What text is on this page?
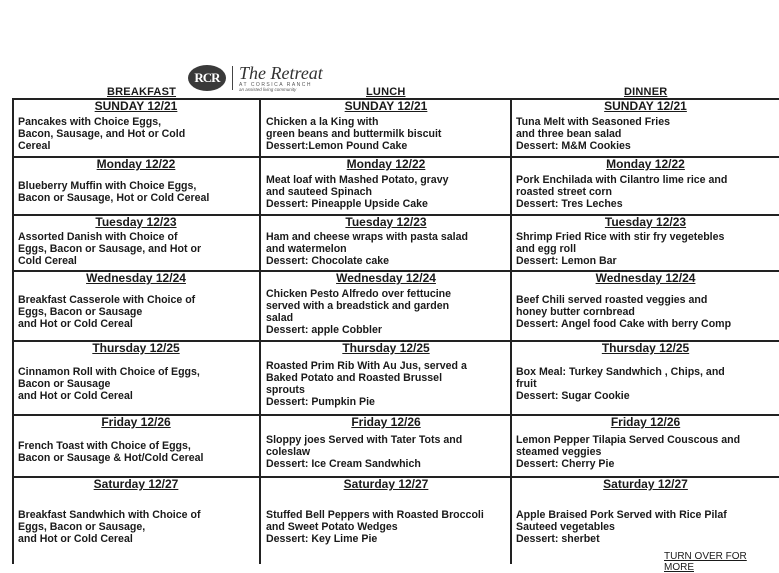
RCR	The Retreat
AT CORSICA RANCH
an assisted living community
BREAKFAST	LUNCH	DINNER
SUNDAY 12/21
Pancakes with Choice Eggs,
Bacon, Sausage, and Hot or Cold
Cereal
SUNDAY 12/21
Chicken a la King with
green beans and buttermilk biscuit
Dessert:Lemon Pound Cake
SUNDAY 12/21
Tuna Melt with Seasoned Fries
and three bean salad
Dessert: M&M Cookies
Monday 12/22
Blueberry Muffin with Choice Eggs,
Bacon or Sausage, Hot or Cold Cereal
Monday 12/22
Meat loaf with Mashed Potato, gravy
and sauteed Spinach
Dessert: Pineapple Upside Cake
Monday 12/22
Pork Enchilada with Cilantro lime rice and
roasted street corn
Dessert: Tres Leches
Tuesday 12/23
Assorted Danish with Choice of
Eggs, Bacon or Sausage, and Hot or
Cold Cereal
Tuesday 12/23
Ham and cheese wraps with pasta salad
and watermelon
Dessert: Chocolate cake
Tuesday 12/23
Shrimp Fried Rice with stir fry vegetebles
and egg roll
Dessert: Lemon Bar
Wednesday 12/24
Breakfast Casserole with Choice of
Eggs, Bacon or Sausage
and Hot or Cold Cereal
Wednesday 12/24
Chicken Pesto Alfredo over fettucine
served with a breadstick and garden
salad
Dessert: apple Cobbler
Wednesday 12/24
Beef Chili served roasted veggies and
honey butter cornbread
Dessert: Angel food Cake with berry Comp
Thursday 12/25
Cinnamon Roll with Choice of Eggs,
Bacon or Sausage
and Hot or Cold Cereal
Thursday 12/25
Roasted Prim Rib With Au Jus, served a
Baked Potato and Roasted Brussel
sprouts
Dessert: Pumpkin Pie
Thursday 12/25
Box Meal: Turkey Sandwhich , Chips, and
fruit
Dessert: Sugar Cookie
Friday 12/26
French Toast with Choice of Eggs,
Bacon or Sausage & Hot/Cold Cereal
Friday 12/26
Sloppy joes Served with Tater Tots and
coleslaw
Dessert: Ice Cream Sandwhich
Friday 12/26
Lemon Pepper Tilapia Served Couscous and
steamed veggies
Dessert: Cherry Pie
Saturday 12/27
Breakfast Sandwhich with Choice of
Eggs, Bacon or Sausage,
and Hot or Cold Cereal
Saturday 12/27
Stuffed Bell Peppers with Roasted Broccoli
and Sweet Potato Wedges
Dessert: Key Lime Pie
Saturday 12/27
Apple Braised Pork Served with Rice Pilaf
Sauteed vegetables
Dessert: sherbet
TURN OVER FOR MORE
